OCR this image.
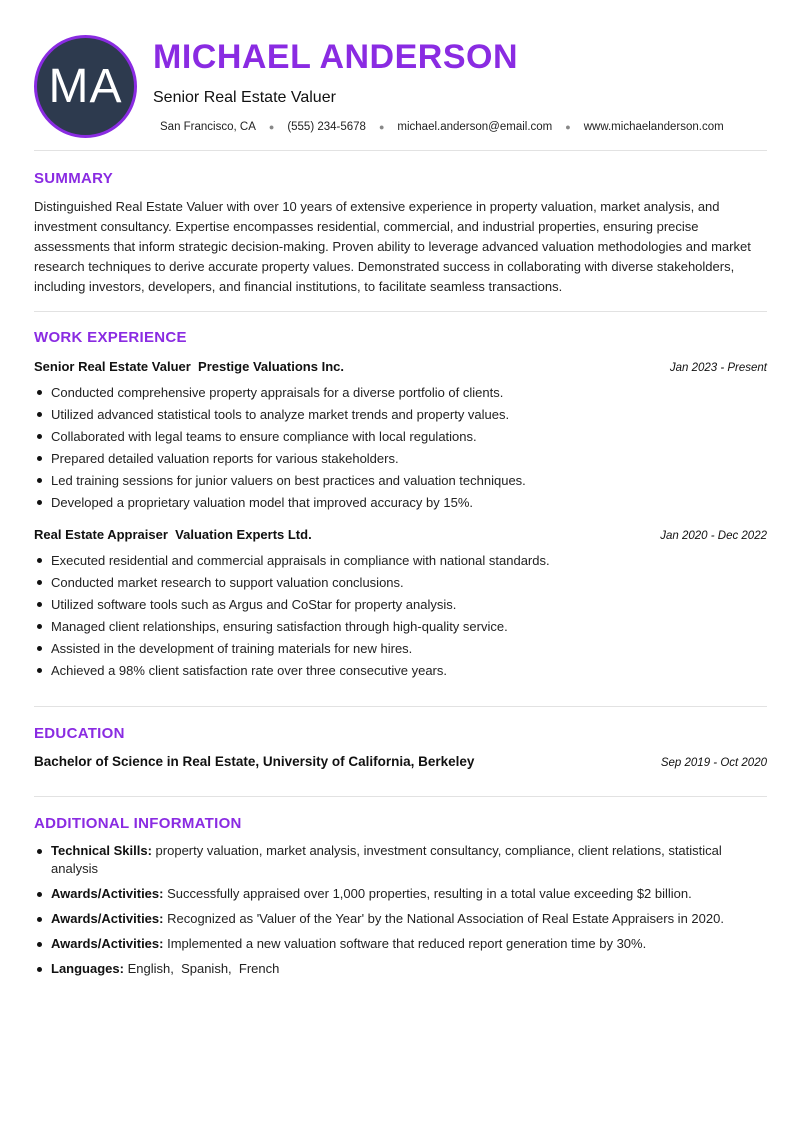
MA
MICHAEL ANDERSON
Senior Real Estate Valuer
San Francisco, CA ● (555) 234-5678 ● michael.anderson@email.com ● www.michaelanderson.com
SUMMARY
Distinguished Real Estate Valuer with over 10 years of extensive experience in property valuation, market analysis, and investment consultancy. Expertise encompasses residential, commercial, and industrial properties, ensuring precise assessments that inform strategic decision-making. Proven ability to leverage advanced valuation methodologies and market research techniques to derive accurate property values. Demonstrated success in collaborating with diverse stakeholders, including investors, developers, and financial institutions, to facilitate seamless transactions.
WORK EXPERIENCE
Senior Real Estate Valuer Prestige Valuations Inc.	Jan 2023 - Present
Conducted comprehensive property appraisals for a diverse portfolio of clients.
Utilized advanced statistical tools to analyze market trends and property values.
Collaborated with legal teams to ensure compliance with local regulations.
Prepared detailed valuation reports for various stakeholders.
Led training sessions for junior valuers on best practices and valuation techniques.
Developed a proprietary valuation model that improved accuracy by 15%.
Real Estate Appraiser Valuation Experts Ltd.	Jan 2020 - Dec 2022
Executed residential and commercial appraisals in compliance with national standards.
Conducted market research to support valuation conclusions.
Utilized software tools such as Argus and CoStar for property analysis.
Managed client relationships, ensuring satisfaction through high-quality service.
Assisted in the development of training materials for new hires.
Achieved a 98% client satisfaction rate over three consecutive years.
EDUCATION
Bachelor of Science in Real Estate, University of California, Berkeley	Sep 2019 - Oct 2020
ADDITIONAL INFORMATION
Technical Skills: property valuation, market analysis, investment consultancy, compliance, client relations, statistical analysis
Awards/Activities: Successfully appraised over 1,000 properties, resulting in a total value exceeding $2 billion.
Awards/Activities: Recognized as 'Valuer of the Year' by the National Association of Real Estate Appraisers in 2020.
Awards/Activities: Implemented a new valuation software that reduced report generation time by 30%.
Languages: English,  Spanish,  French
